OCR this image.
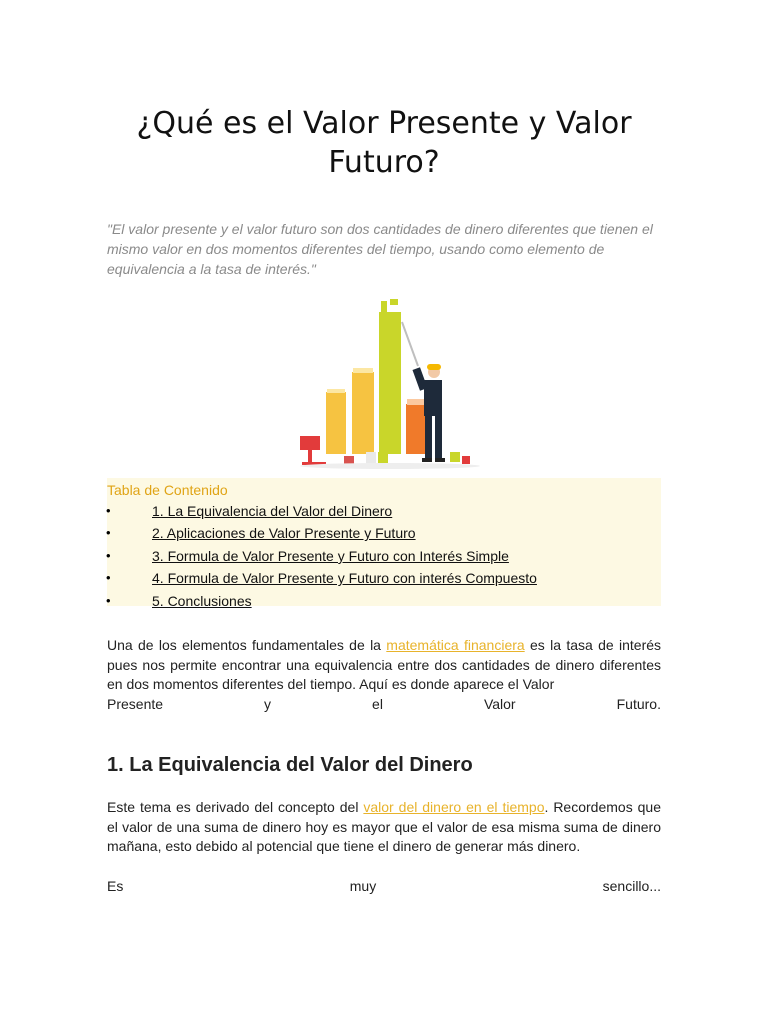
¿Qué es el Valor Presente y Valor Futuro?

"El valor presente y el valor futuro son dos cantidades de dinero diferentes que tienen el mismo valor en dos momentos diferentes del tiempo, usando como elemento de equivalencia a la tasa de interés."

Tabla de Contenido

•	1. La Equivalencia del Valor del Dinero
•	2. Aplicaciones de Valor Presente y Futuro
•	3. Formula de Valor Presente y Futuro con Interés Simple
•	4. Formula de Valor Presente y Futuro con interés Compuesto
•	5. Conclusiones
Una de los elementos fundamentales de la matemática financiera es la tasa de interés pues nos permite encontrar una equivalencia entre dos cantidades de dinero diferentes en dos momentos diferentes del tiempo. Aquí es donde aparece el Valor
Presente	y	el	Valor	Futuro.
1. La Equivalencia del Valor del Dinero
Este tema es derivado del concepto del valor del dinero en el tiempo. Recordemos que el valor de una suma de dinero hoy es mayor que el valor de esa misma suma de dinero mañana, esto debido al potencial que tiene el dinero de generar más dinero.
Es	muy	sencillo...
